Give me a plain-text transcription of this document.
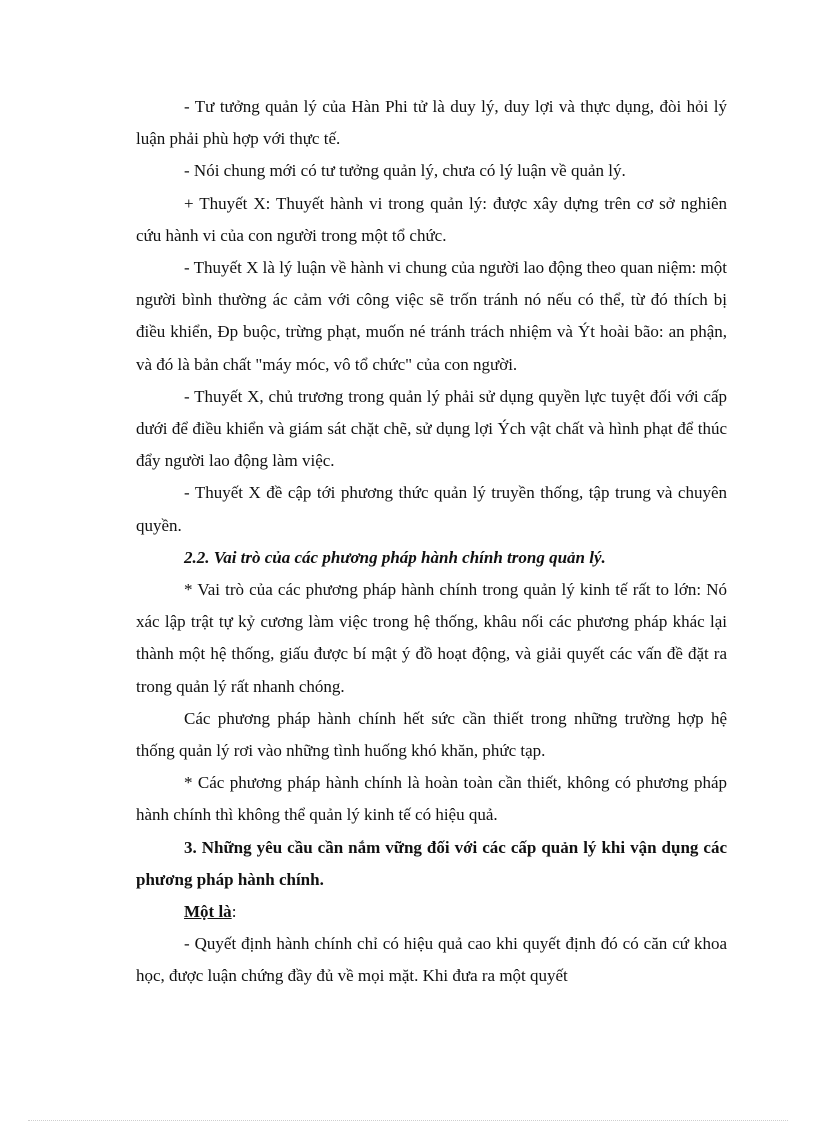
- Tư tưởng quản lý của Hàn Phi tử là duy lý, duy lợi và thực dụng, đòi hỏi lý luận phải phù hợp với thực tế.

- Nói chung mới có tư tưởng quản lý, chưa có lý luận về quản lý.

+ Thuyết X: Thuyết hành vi trong quản lý: được xây dựng trên cơ sở nghiên cứu hành vi của con người trong một tổ chức.

- Thuyết X là lý luận về hành vi chung của người lao động theo quan niệm: một người bình thường ác cảm với công việc sẽ trốn tránh nó nếu có thể, từ đó thích bị điều khiển, Đp buộc, trừng phạt, muốn né tránh trách nhiệm và Ýt hoài bão: an phận, và đó là bản chất "máy móc, vô tổ chức" của con người.

- Thuyết X, chủ trương trong quản lý phải sử dụng quyền lực tuyệt đối với cấp dưới để điều khiển và giám sát chặt chẽ, sử dụng lợi Ých vật chất và hình phạt để thúc đẩy người lao động làm việc.

- Thuyết X đề cập tới phương thức quản lý truyền thống, tập trung và chuyên quyền.

2.2. Vai trò của các phương pháp hành chính trong quản lý.

* Vai trò của các phương pháp hành chính trong quản lý kinh tế rất to lớn: Nó xác lập trật tự kỷ cương làm việc trong hệ thống, khâu nối các phương pháp khác lại thành một hệ thống, giấu được bí mật ý đồ hoạt động, và giải quyết các vấn đề đặt ra trong quản lý rất nhanh chóng.

Các phương pháp hành chính hết sức cần thiết trong những trường hợp hệ thống quản lý rơi vào những tình huống khó khăn, phức tạp.

* Các phương pháp hành chính là hoàn toàn cần thiết, không có phương pháp hành chính thì không thể quản lý kinh tế có hiệu quả.

3. Những yêu cầu cần nắm vững đối với các cấp quản lý khi vận dụng các phương pháp hành chính.

Một là:

- Quyết định hành chính chỉ có hiệu quả cao khi quyết định đó có căn cứ khoa học, được luận chứng đầy đủ về mọi mặt. Khi đưa ra một quyết
